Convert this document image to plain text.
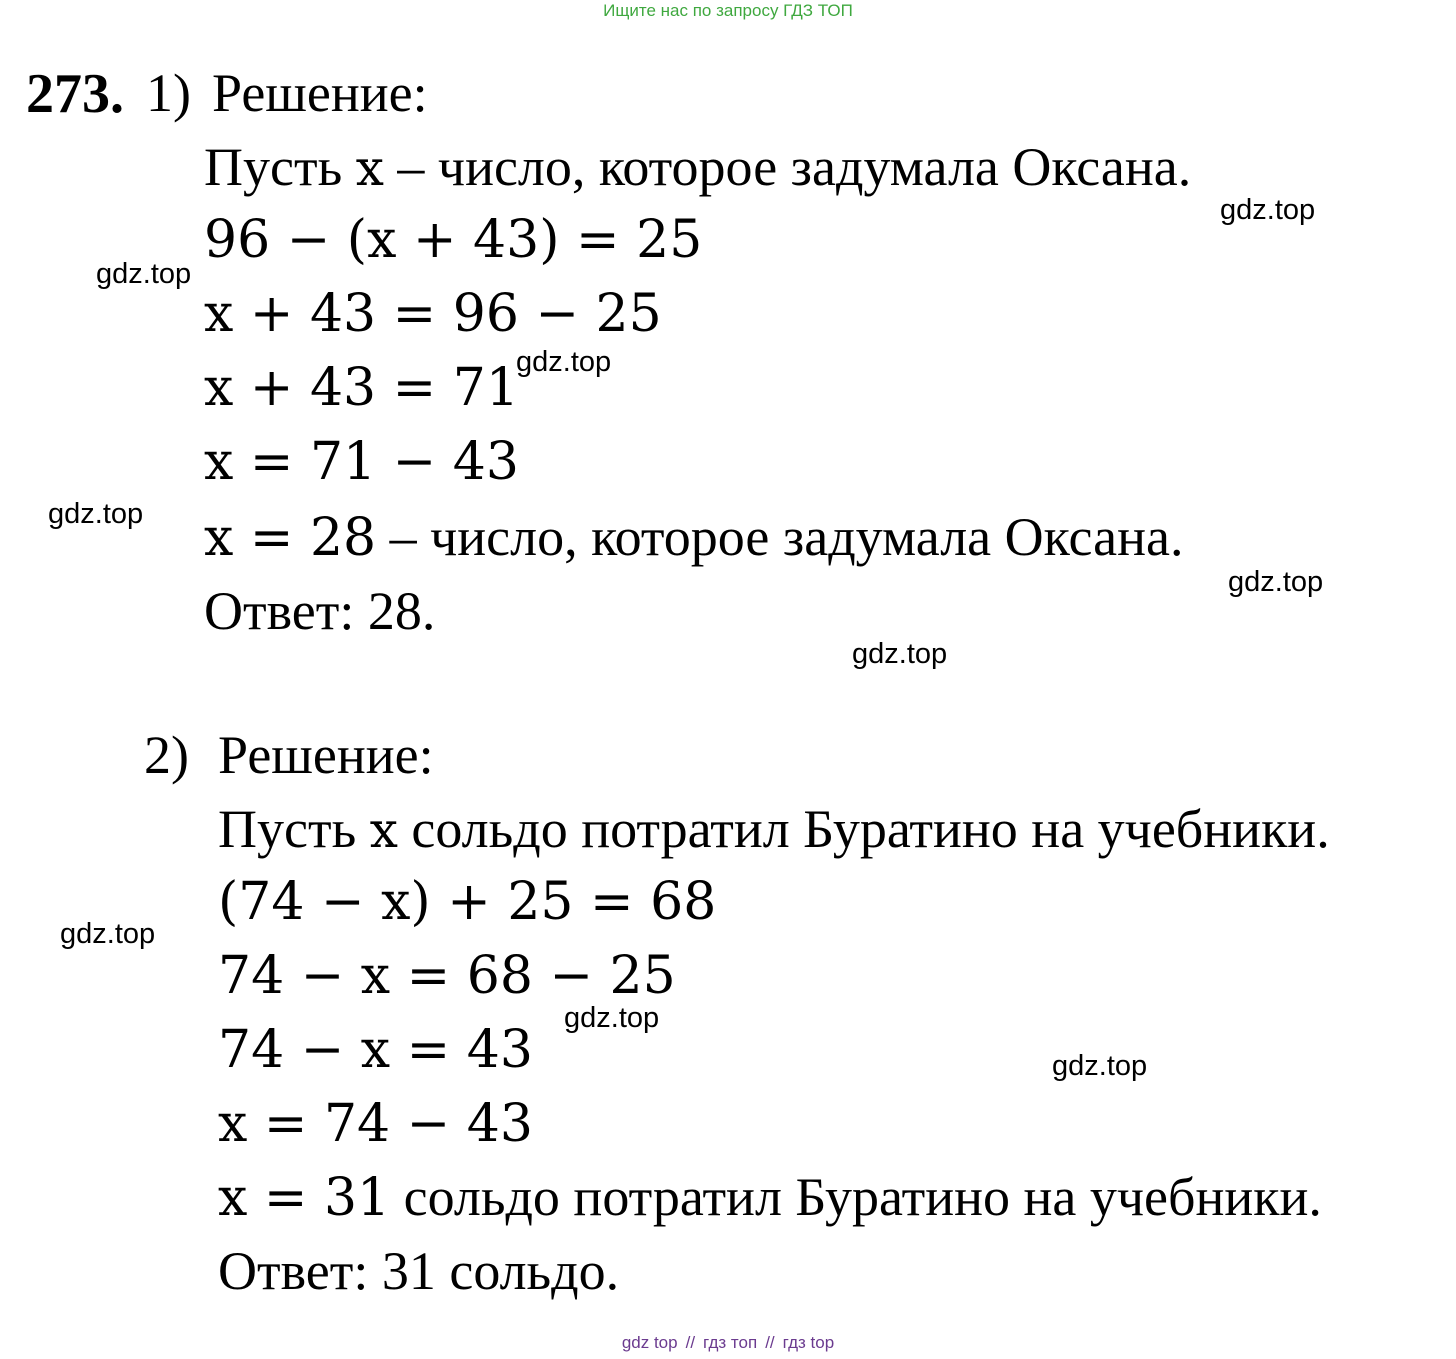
Ищите нас по запросу ГДЗ ТОП
273. 1) Решение:
Пусть x – число, которое задумала Оксана.
96 − (x + 43) = 25
x + 43 = 96 − 25
x + 43 = 71
x = 71 − 43
x = 28 – число, которое задумала Оксана.
Ответ: 28.
2) Решение:
Пусть x сольдо потратил Буратино на учебники.
(74 − x) + 25 = 68
74 − x = 68 − 25
74 − x = 43
x = 74 − 43
x = 31 сольдо потратил Буратино на учебники.
Ответ: 31 сольдо.
gdz.top
gdz.top
gdz.top
gdz.top
gdz.top
gdz.top
gdz.top
gdz.top
gdz.top
gdz top // гдз топ // гдз top
